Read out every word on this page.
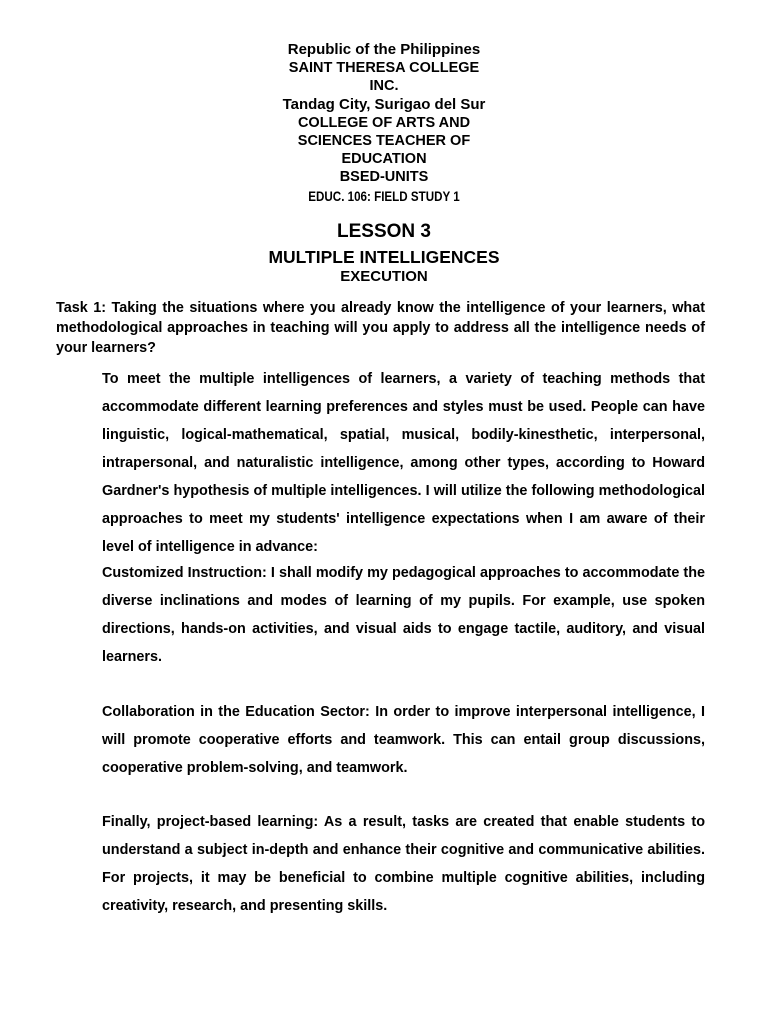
Republic of the Philippines
SAINT THERESA COLLEGE
INC.
Tandag City, Surigao del Sur
COLLEGE OF ARTS AND
SCIENCES TEACHER OF
EDUCATION
BSED-UNITS
EDUC. 106: FIELD STUDY 1
LESSON 3
MULTIPLE INTELLIGENCES
EXECUTION
Task 1: Taking the situations where you already know the intelligence of your learners, what methodological approaches in teaching will you apply to address all the intelligence needs of your learners?

To meet the multiple intelligences of learners, a variety of teaching methods that accommodate different learning preferences and styles must be used. People can have linguistic, logical-mathematical, spatial, musical, bodily-kinesthetic, interpersonal, intrapersonal, and naturalistic intelligence, among other types, according to Howard Gardner's hypothesis of multiple intelligences. I will utilize the following methodological approaches to meet my students' intelligence expectations when I am aware of their level of intelligence in advance:

Customized Instruction: I shall modify my pedagogical approaches to accommodate the diverse inclinations and modes of learning of my pupils. For example, use spoken directions, hands-on activities, and visual aids to engage tactile, auditory, and visual learners.

Collaboration in the Education Sector: In order to improve interpersonal intelligence, I will promote cooperative efforts and teamwork. This can entail group discussions, cooperative problem-solving, and teamwork.

Finally, project-based learning: As a result, tasks are created that enable students to understand a subject in-depth and enhance their cognitive and communicative abilities. For projects, it may be beneficial to combine multiple cognitive abilities, including creativity, research, and presenting skills.
